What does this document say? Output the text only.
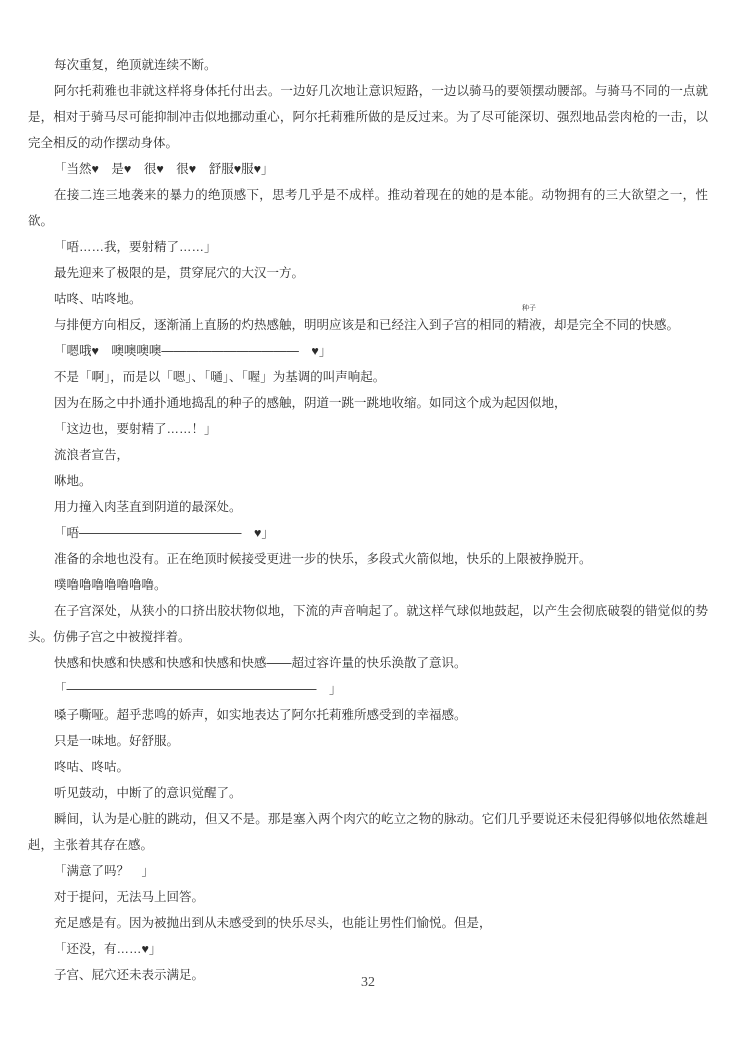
每次重复，绝顶就连续不断。

阿尔托莉雅也非就这样将身体托付出去。一边好几次地让意识短路，一边以骑马的要领摆动腰部。与骑马不同的一点就是，相对于骑马尽可能抑制冲击似地挪动重心，阿尔托莉雅所做的是反过来。为了尽可能深切、强烈地品尝肉枪的一击，以完全相反的动作摆动身体。

「当然♥　是♥　很♥　很♥　舒服♥服♥」

在接二连三地袭来的暴力的绝顶感下，思考几乎是不成样。推动着现在的她的是本能。动物拥有的三大欲望之一，性欲。

「唔……我，要射精了……」

最先迎来了极限的是，贯穿屁穴的大汉一方。

咕咚、咕咚地。

与排便方向相反，逐渐涌上直肠的灼热感触，明明应该是和已经注入到子宫的相同的精液
种子
，却是完全不同的快感。

「嗯哦♥　噢噢噢噢―――――――――――　♥」

不是「啊」，而是以「嗯」、「嗵」、「喔」为基调的叫声响起。

因为在肠之中扑通扑通地捣乱的种子的感触，阴道一跳一跳地收缩。如同这个成为起因似地，

「这边也，要射精了……！」

流浪者宣告，

咻地。

用力撞入肉茎直到阴道的最深处。

「唔―――――――――――――　♥」

准备的余地也没有。正在绝顶时候接受更进一步的快乐，多段式火箭似地，快乐的上限被挣脱开。

噗噜噜噜噜噜噜噜。

在子宫深处，从狭小的口挤出胶状物似地，下流的声音响起了。就这样气球似地鼓起，以产生会彻底破裂的错觉似的势头。仿佛子宫之中被搅拌着。

快感和快感和快感和快感和快感和快感――超过容许量的快乐涣散了意识。

「――――――――――――――――――――　」

嗓子嘶哑。超乎悲鸣的娇声，如实地表达了阿尔托莉雅所感受到的幸福感。

只是一味地。好舒服。

咚咕、咚咕。

听见鼓动，中断了的意识觉醒了。

瞬间，认为是心脏的跳动，但又不是。那是塞入两个肉穴的屹立之物的脉动。它们几乎要说还未侵犯得够似地依然雄赳赳，主张着其存在感。

「满意了吗？　」

对于提问，无法马上回答。

充足感是有。因为被抛出到从未感受到的快乐尽头，也能让男性们愉悦。但是，

「还没，有……♥」

子宫、屁穴还未表示满足。	32
